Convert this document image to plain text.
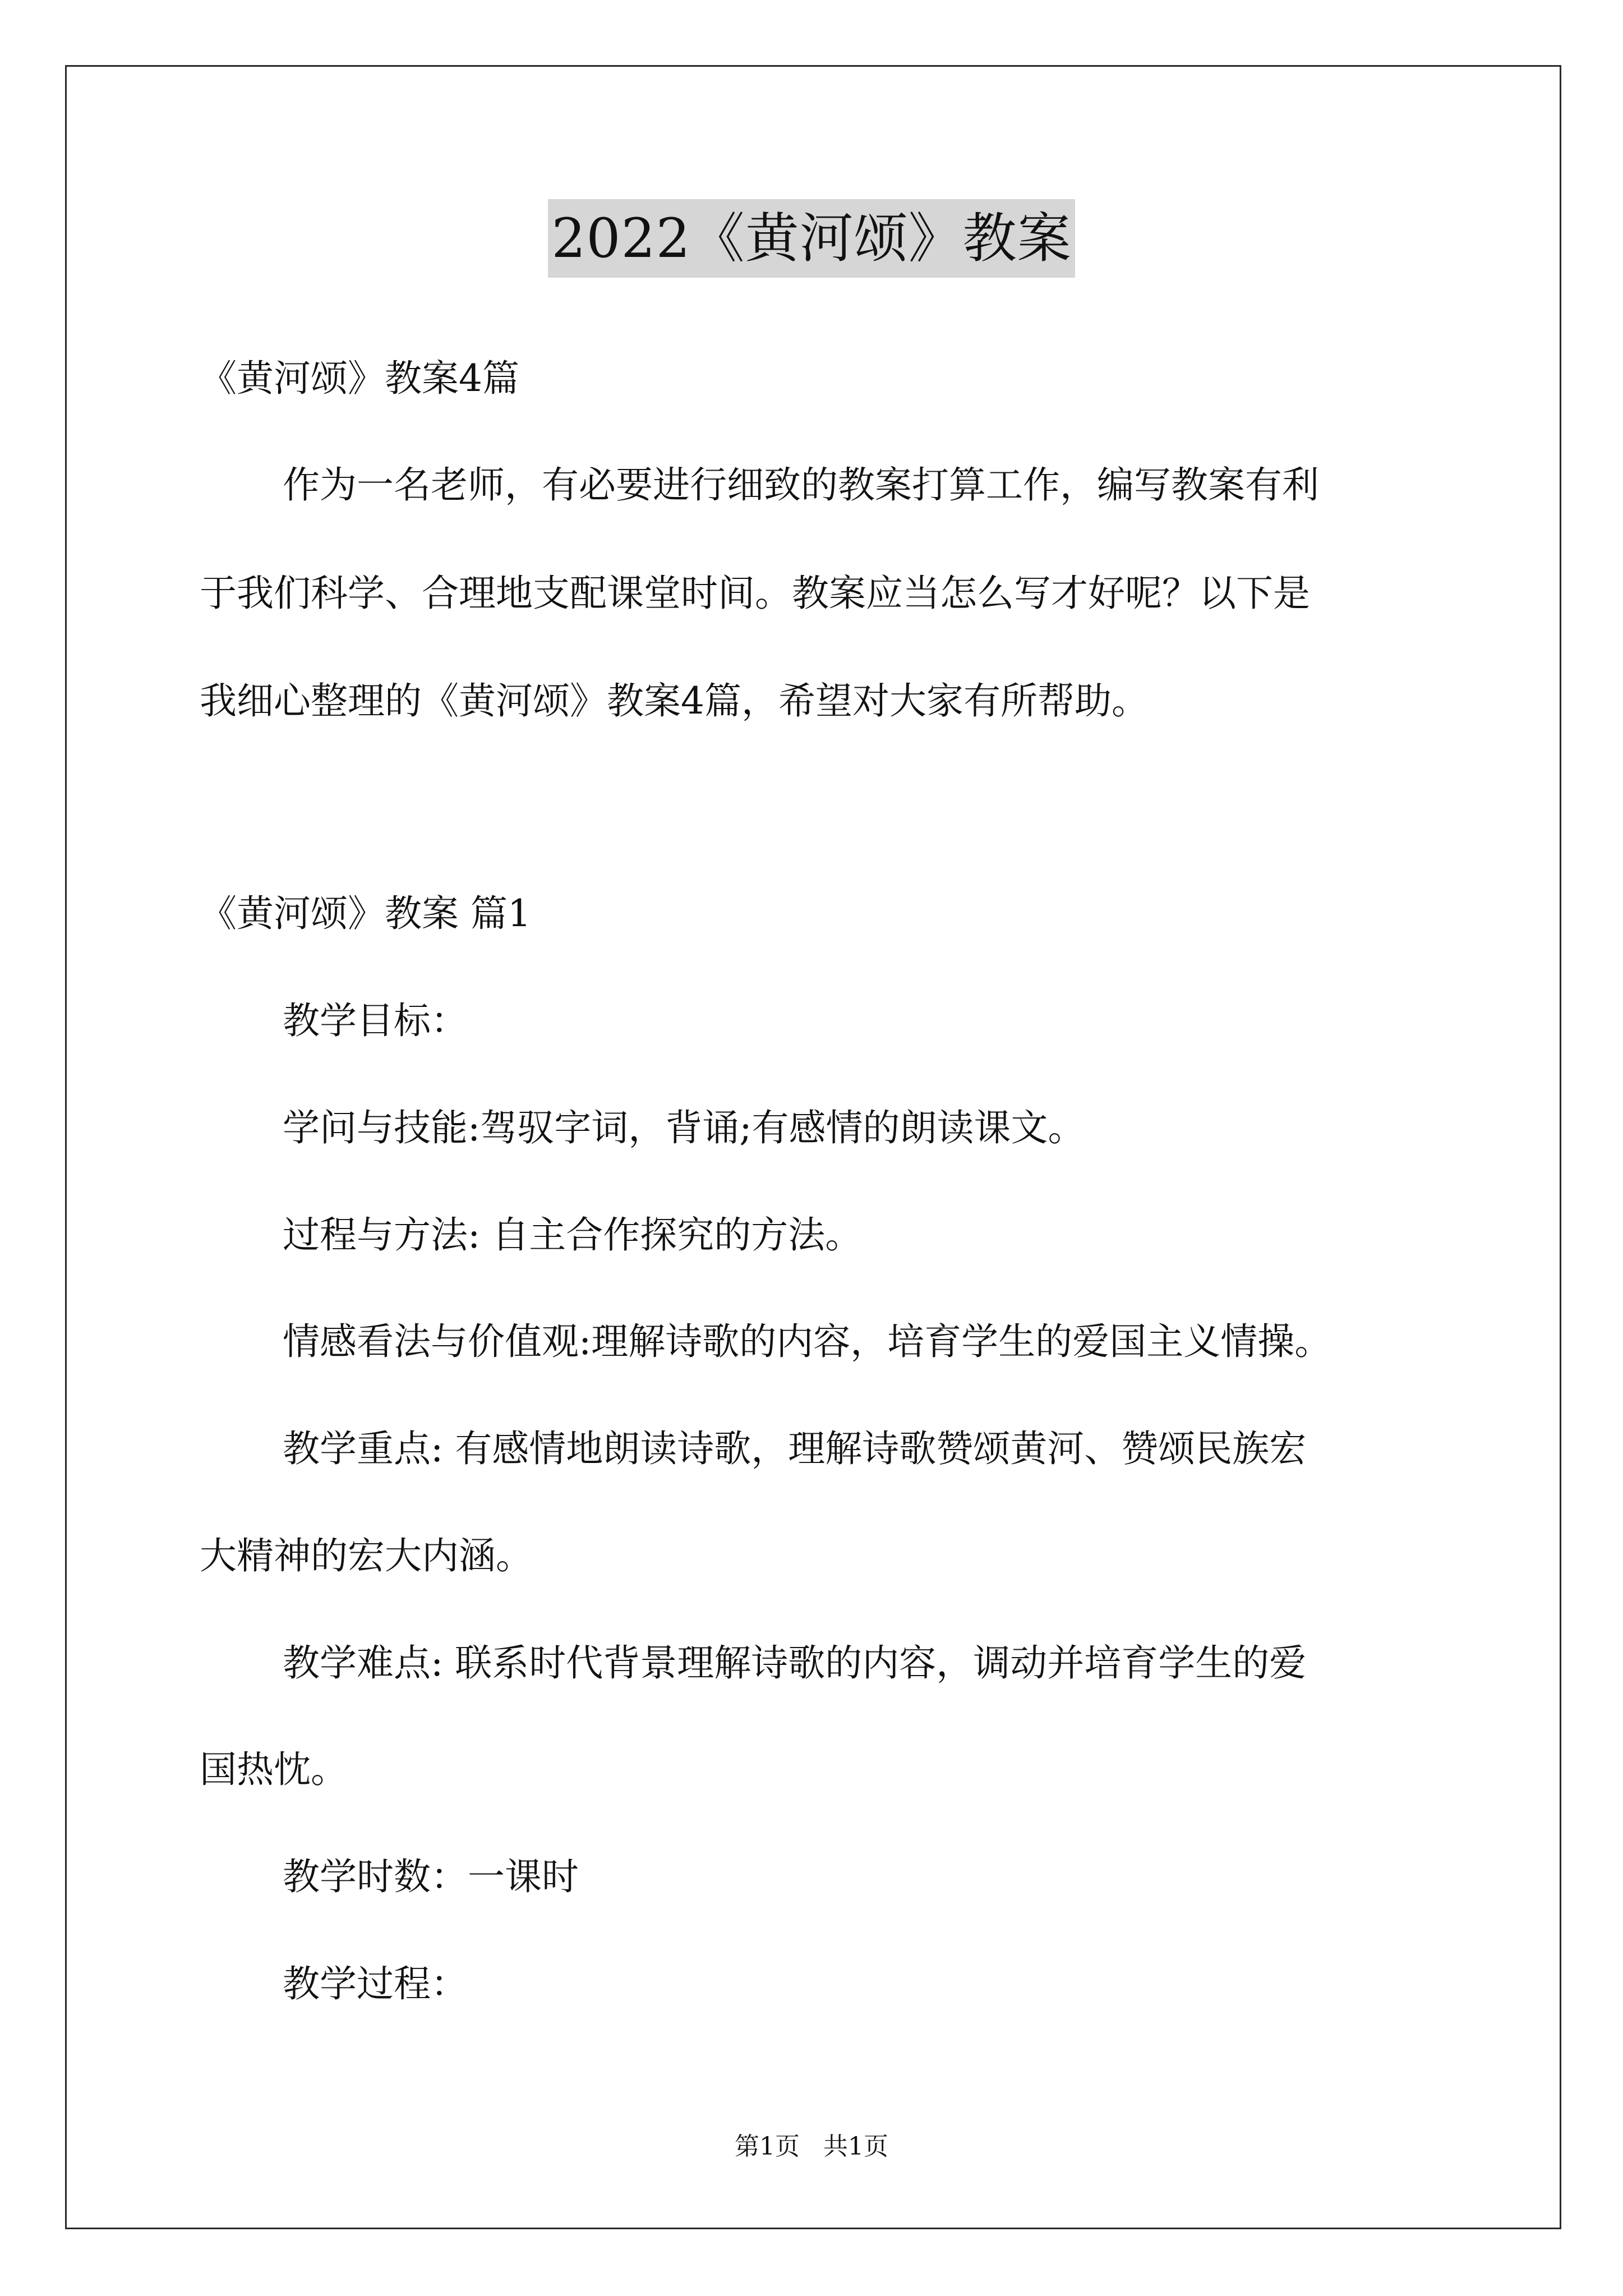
2022《黄河颂》教案

《黄河颂》教案4篇

作为一名老师，有必要进行细致的教案打算工作，编写教案有利

于我们科学、合理地支配课堂时间。教案应当怎么写才好呢？以下是

我细心整理的《黄河颂》教案4篇，希望对大家有所帮助。

《黄河颂》教案 篇1

教学目标：

学问与技能:驾驭字词，背诵;有感情的朗读课文。

过程与方法: 自主合作探究的方法。

情感看法与价值观:理解诗歌的内容，培育学生的爱国主义情操。

教学重点: 有感情地朗读诗歌，理解诗歌赞颂黄河、赞颂民族宏

大精神的宏大内涵。

教学难点: 联系时代背景理解诗歌的内容，调动并培育学生的爱

国热忱。

教学时数：一课时

教学过程：

第1页 共1页
